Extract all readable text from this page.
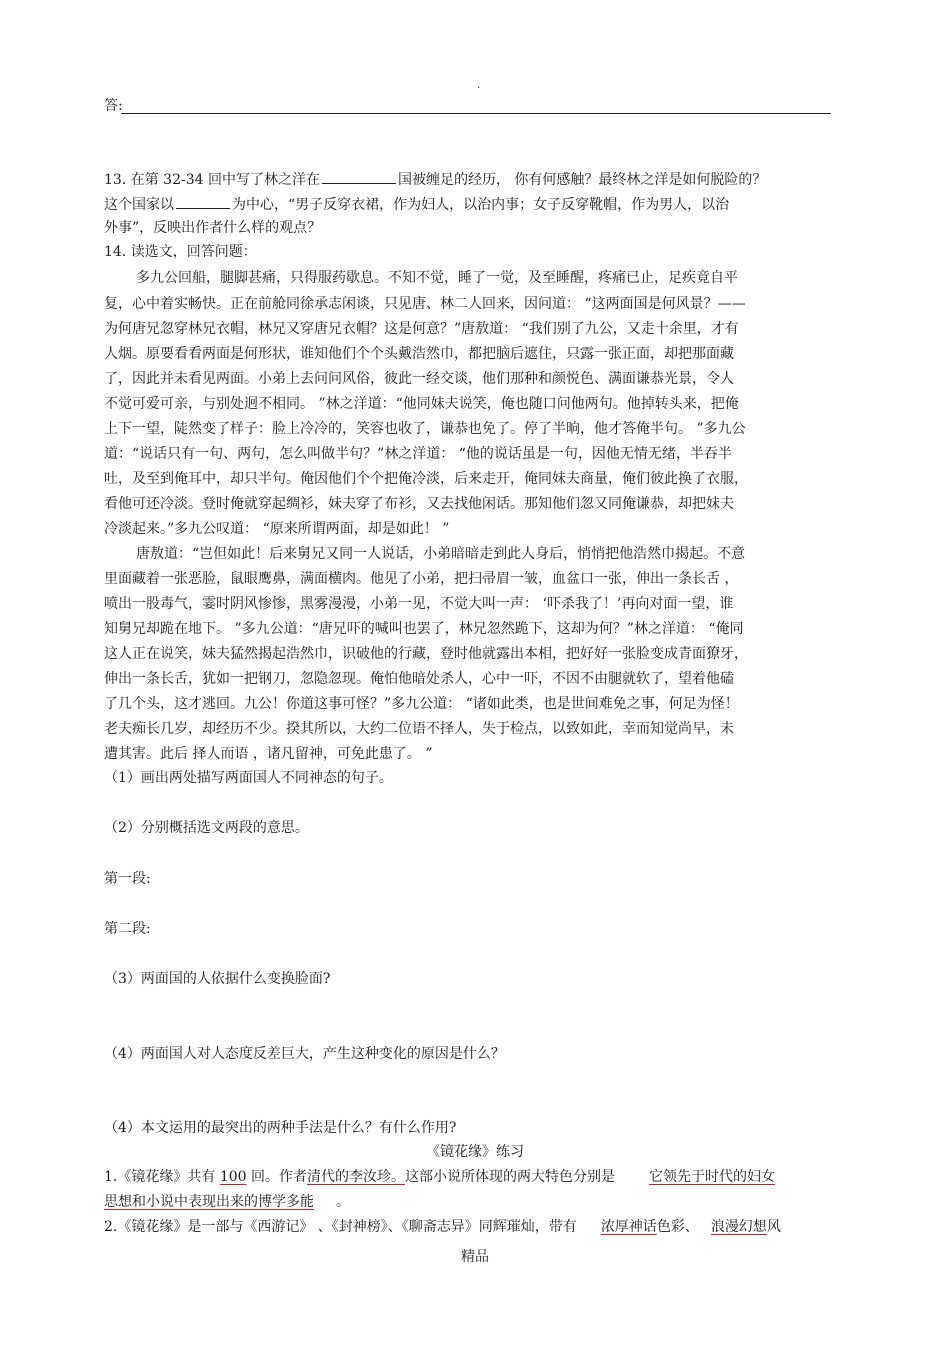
.
答:
13. 在第 32-34 回中写了林之洋在	国被缠足的经历， 你有何感触？最终林之洋是如何脱险的？
这个国家以	为中心，“男子反穿衣裙，作为妇人，以治内事；女子反穿靴帽，作为男人，以治
外事”，反映出作者什么样的观点？
14. 读选文，回答问题：
多九公回船，腿脚甚痛，只得服药歇息。不知不觉，睡了一觉，及至睡醒，疼痛已止，足疾竟自平
复，心中着实畅快。正在前舱同徐承志闲谈，只见唐、林二人回来，因问道： “这两面国是何风景？——
为何唐兄忽穿林兄衣帽，林兄又穿唐兄衣帽？这是何意？”唐敖道： “我们别了九公，又走十余里，才有
人烟。原要看看两面是何形状，谁知他们个个头戴浩然巾，都把脑后遮住，只露一张正面，却把那面藏
了，因此并未看见两面。小弟上去问问风俗，彼此一经交谈，他们那种和颜悦色、满面谦恭光景，令人
不觉可爱可亲，与别处迥不相同。 ”林之洋道：“他同妹夫说笑，俺也随口问他两句。他掉转头来，把俺
上下一望，陡然变了样子：脸上冷冷的，笑容也收了，谦恭也免了。停了半晌，他才答俺半句。 ”多九公
道：“说话只有一句、两句，怎么叫做半句？”林之洋道： “他的说话虽是一句，因他无情无绪，半吞半
吐，及至到俺耳中，却只半句。俺因他们个个把俺冷淡，后来走开，俺同妹夫商量，俺们彼此换了衣服，
看他可还冷淡。登时俺就穿起绸衫，妹夫穿了布衫，又去找他闲话。那知他们忽又同俺谦恭，却把妹夫
冷淡起来。”多九公叹道： “原来所谓两面，却是如此！ ”
唐敖道：“岂但如此！后来舅兄又同一人说话，小弟暗暗走到此人身后，悄悄把他浩然巾揭起。不意
里面藏着一张恶脸，鼠眼鹰鼻，满面横肉。他见了小弟，把扫帚眉一皱，血盆口一张，伸出一条长舌 ，
喷出一股毒气，霎时阴风惨惨，黑雾漫漫，小弟一见，不觉大叫一声： ‘吓杀我了！’再向对面一望，谁
知舅兄却跪在地下。 ”多九公道：“唐兄吓的喊叫也罢了，林兄忽然跪下，这却为何？”林之洋道： “俺同
这人正在说笑，妹夫猛然揭起浩然巾，识破他的行藏，登时他就露出本相，把好好一张脸变成青面獠牙，
伸出一条长舌，犹如一把钢刀，忽隐忽现。俺怕他暗处杀人，心中一吓，不因不由腿就软了，望着他磕
了几个头，这才逃回。九公！你道这事可怪？”多九公道： “诸如此类，也是世间难免之事，何足为怪！
老夫痴长几岁，却经历不少。揆其所以，大约二位语不择人，失于检点，以致如此，幸而知觉尚早，未
遭其害。此后 择人而语 ，诸凡留神，可免此患了。 ”
（1）画出两处描写两面国人不同神态的句子。
（2）分别概括选文两段的意思。
第一段:
第二段:
（3）两面国的人依据什么变换脸面?
（4）两面国人对人态度反差巨大，产生这种变化的原因是什么？
（4）本文运用的最突出的两种手法是什么？有什么作用?
《镜花缘》练习
1.《镜花缘》共有 100 回。作者清代的李汝珍。这部小说所体现的两大特色分别是 它领先于时代的妇女
思想和小说中表现出来的博学多能 。
2.《镜花缘》是一部与《西游记》 、《封神榜》、《聊斋志异》同辉璀灿，带有 浓厚神话色彩、 浪漫幻想风
精品
